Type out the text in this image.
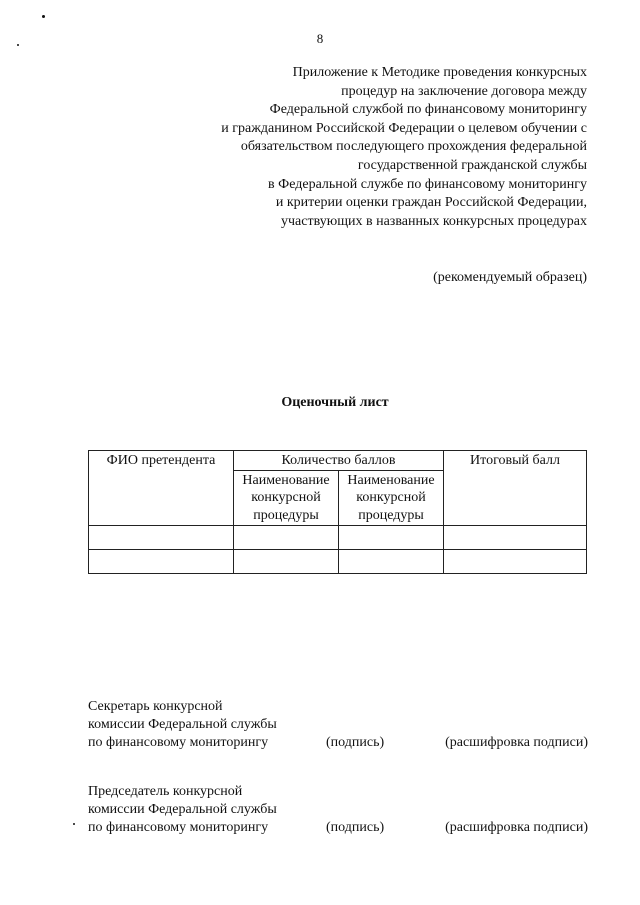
8
Приложение к Методике проведения конкурсных
процедур на заключение договора между
Федеральной службой по финансовому мониторингу
и гражданином Российской Федерации о целевом обучении с
обязательством последующего прохождения федеральной
государственной гражданской службы
в Федеральной службе по финансовому мониторингу
и критерии оценки граждан Российской Федерации,
участвующих в названных конкурсных процедурах
(рекомендуемый образец)
Оценочный лист
ФИО претендента	Количество баллов		Итоговый балл
	Наименование конкурсной процедуры	Наименование конкурсной процедуры	

Секретарь конкурсной
комиссии Федеральной службы
по финансовому мониторингу	(подпись)	(расшифровка подписи)
Председатель конкурсной
комиссии Федеральной службы
по финансовому мониторингу	(подпись)	(расшифровка подписи)
